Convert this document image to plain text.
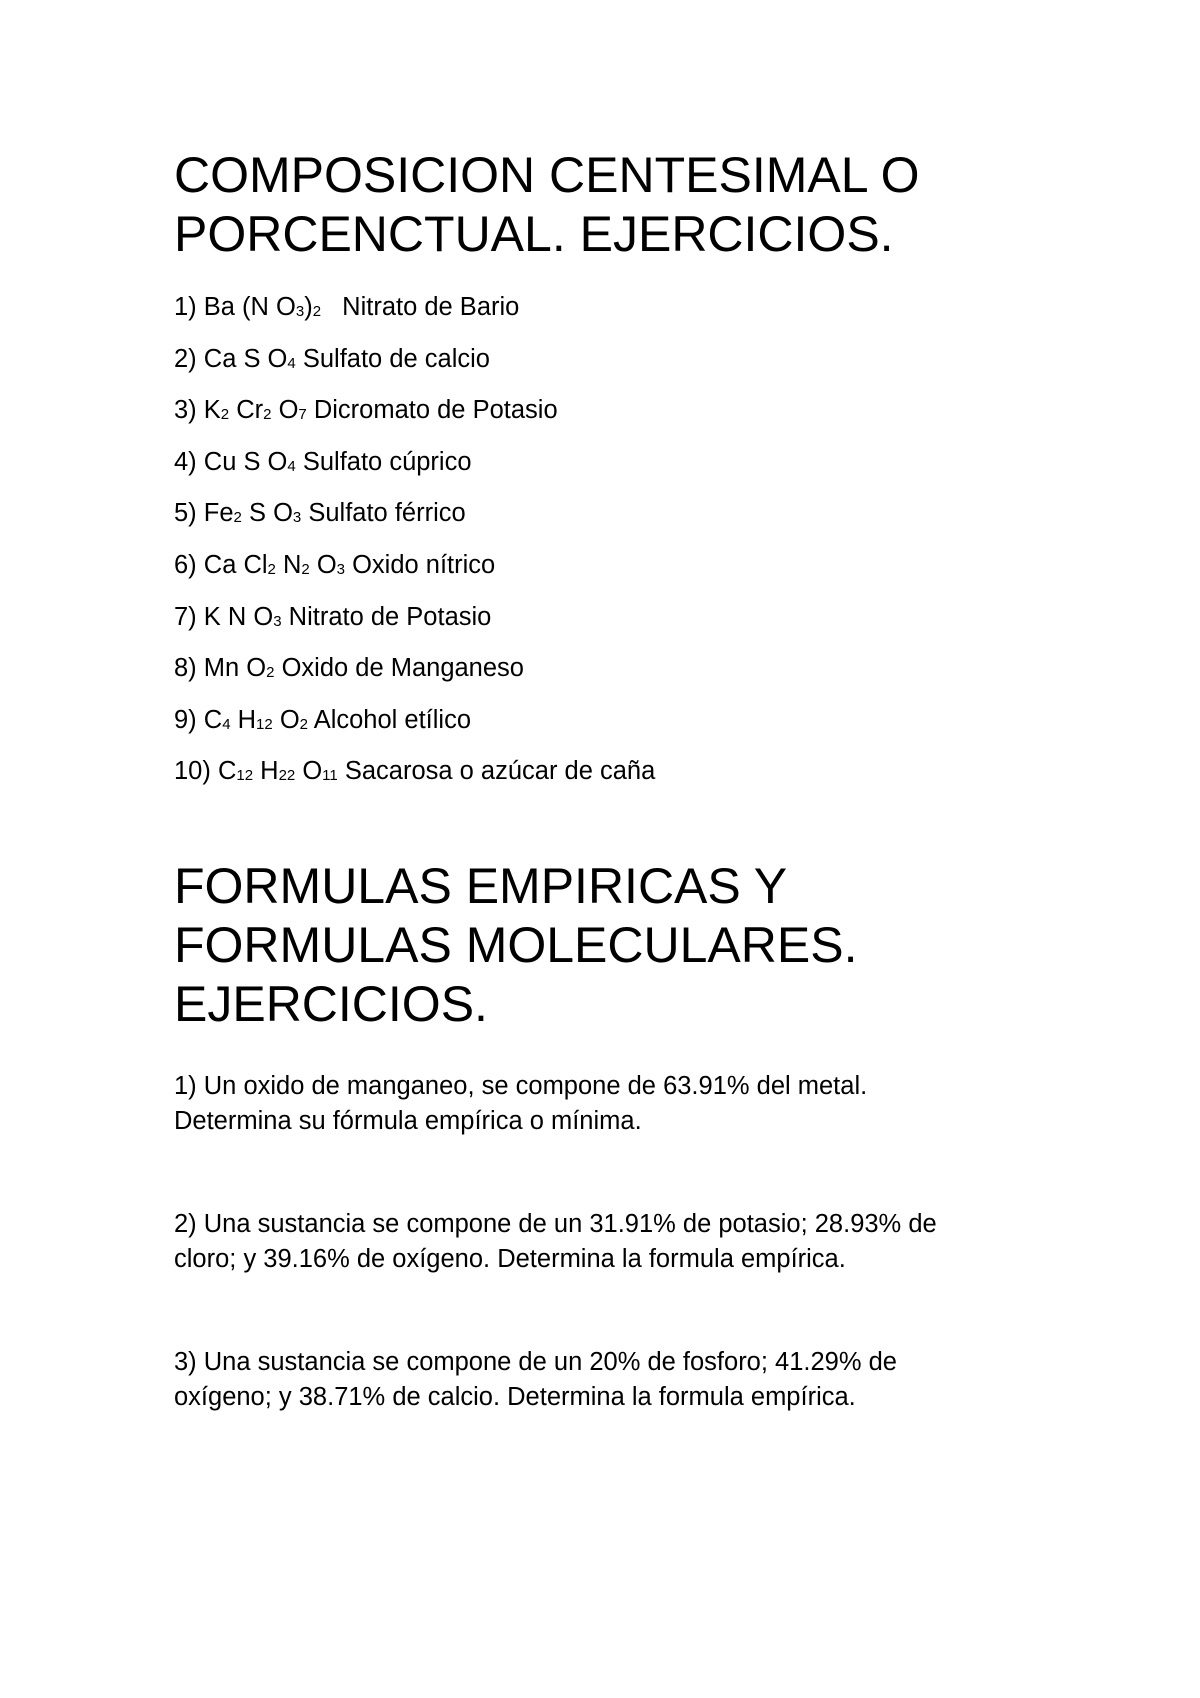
COMPOSICION CENTESIMAL O
PORCENCTUAL. EJERCICIOS.
1) Ba (N $O_3)_2$ Nitrato de Bario
2) Ca S $O_4$ Sulfato de calcio
3) $K_2$ $Cr_2$ $O_7$ Dicromato de Potasio
4) Cu S $O_4$ Sulfato cúprico
5) $Fe_2$ S $O_3$ Sulfato férrico
6) Ca $Cl_2$ $N_2$ $O_3$ Oxido nítrico
7) K N $O_3$ Nitrato de Potasio
8) Mn $O_2$ Oxido de Manganeso
9) $C_4$ $H_{12}$ $O_2$ Alcohol etílico
10) $C_{12}$ $H_{22}$ $O_{11}$ Sacarosa o azúcar de caña
FORMULAS EMPIRICAS Y
FORMULAS MOLECULARES.
EJERCICIOS.

1) Un oxido de manganeo, se compone de 63.91% del metal.
Determina su fórmula empírica o mínima.

2) Una sustancia se compone de un 31.91% de potasio; 28.93% de
cloro; y 39.16% de oxígeno. Determina la formula empírica.

3) Una sustancia se compone de un 20% de fosforo; 41.29% de
oxígeno; y 38.71% de calcio. Determina la formula empírica.
